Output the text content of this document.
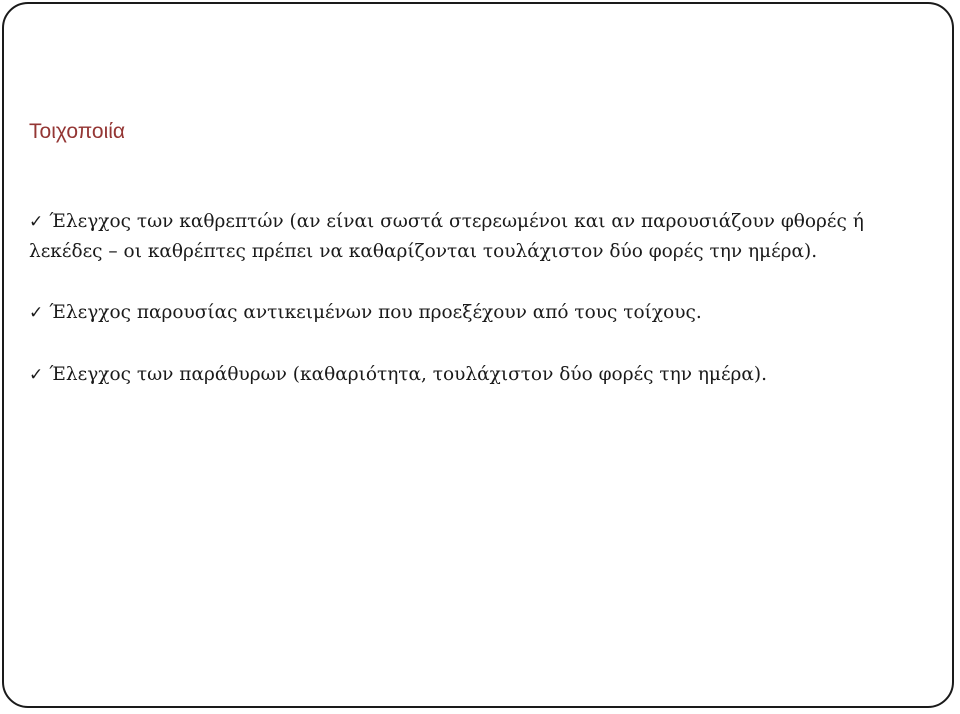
Τοιχοποιία
✓ Έλεγχος των καθρεπτών (αν είναι σωστά στερεωμένοι και αν παρουσιάζουν φθορές ή λεκέδες – οι καθρέπτες πρέπει να καθαρίζονται τουλάχιστον δύο φορές την ημέρα).
✓ Έλεγχος παρουσίας αντικειμένων που προεξέχουν από τους τοίχους.
✓ Έλεγχος των παράθυρων (καθαριότητα, τουλάχιστον δύο φορές την ημέρα).
